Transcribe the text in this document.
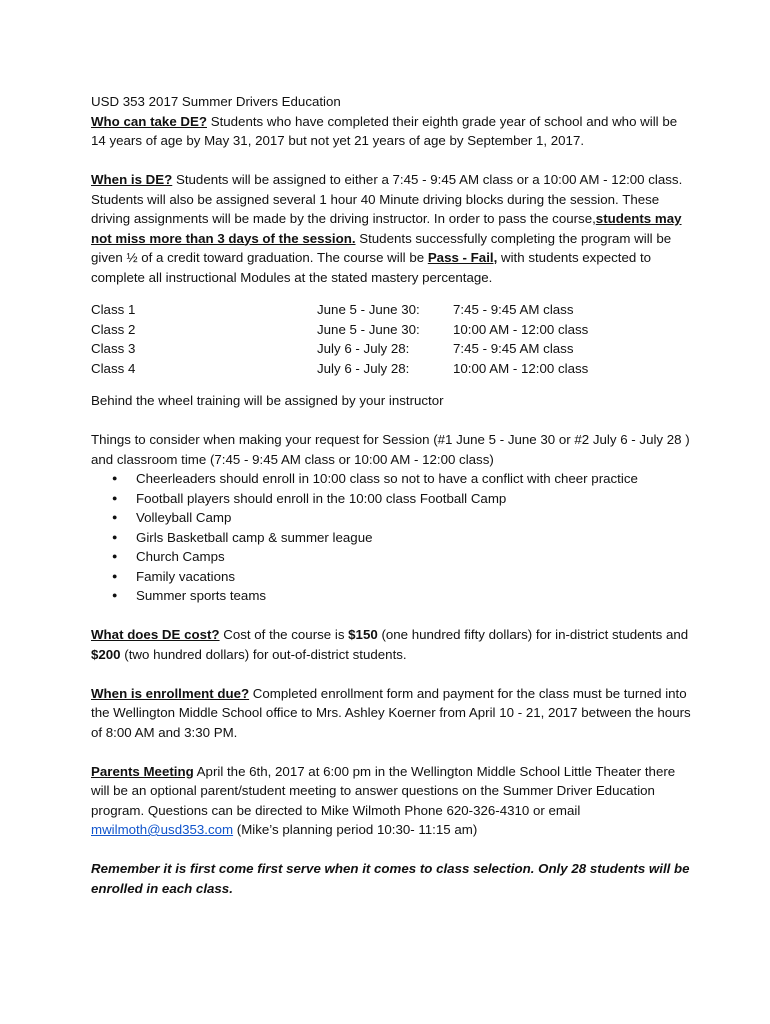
USD 353 2017 Summer Drivers Education

Who can take DE? Students who have completed their eighth grade year of school and who will be 14 years of age by May 31, 2017 but not yet 21 years of age by September 1, 2017.

When is DE? Students will be assigned to either a 7:45 - 9:45 AM class or a 10:00 AM - 12:00 class. Students will also be assigned several 1 hour 40 Minute driving blocks during the session. These driving assignments will be made by the driving instructor. In order to pass the course,students may not miss more than 3 days of the session. Students successfully completing the program will be given ½ of a credit toward graduation. The course will be Pass - Fail, with students expected to complete all instructional Modules at the stated mastery percentage.

Class 1	June 5 - June 30:	7:45 - 9:45 AM class
Class 2	June 5 - June 30:	10:00 AM - 12:00 class
Class 3	July 6 - July 28:	7:45 - 9:45 AM class
Class 4	July 6 - July 28:	10:00 AM - 12:00 class

Behind the wheel training will be assigned by your instructor

Things to consider when making your request for Session (#1 June 5 - June 30 or #2 July 6 - July 28 ) and classroom time (7:45 - 9:45 AM class or 10:00 AM - 12:00 class)

● Cheerleaders should enroll in 10:00 class so not to have a conflict with cheer practice
● Football players should enroll in the 10:00 class Football Camp
● Volleyball Camp
● Girls Basketball camp & summer league
● Church Camps
● Family vacations
● Summer sports teams

What does DE cost? Cost of the course is $150 (one hundred fifty dollars) for in-district students and $200 (two hundred dollars) for out-of-district students.

When is enrollment due? Completed enrollment form and payment for the class must be turned into the Wellington Middle School office to Mrs. Ashley Koerner from April 10 - 21, 2017 between the hours of 8:00 AM and 3:30 PM.

Parents Meeting April the 6th, 2017 at 6:00 pm in the Wellington Middle School Little Theater there will be an optional parent/student meeting to answer questions on the Summer Driver Education program. Questions can be directed to Mike Wilmoth Phone 620-326-4310 or email mwilmoth@usd353.com (Mike’s planning period 10:30- 11:15 am)

Remember it is first come first serve when it comes to class selection. Only 28 students will be enrolled in each class.
